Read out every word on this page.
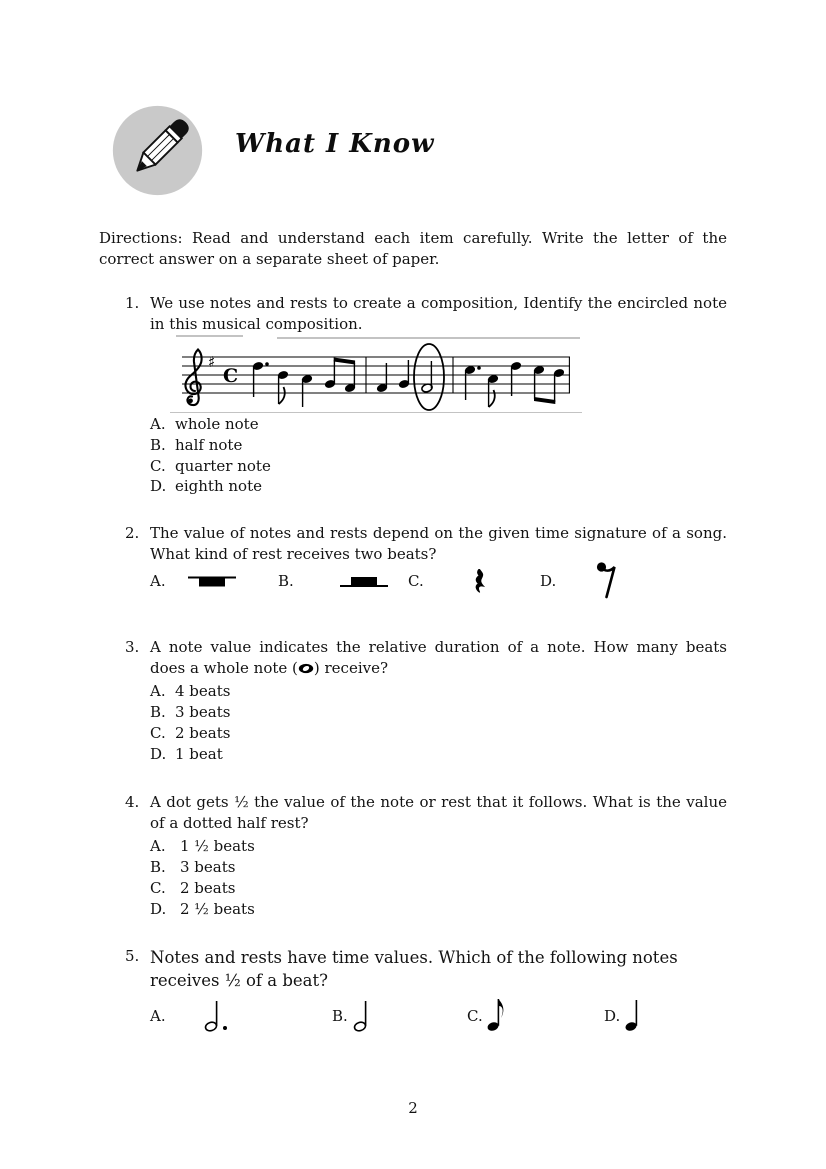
What I Know

Directions: Read and understand each item carefully. Write the letter of the correct answer on a separate sheet of paper.

1. We use notes and rests to create a composition, Identify the encircled note in this musical composition.
♯
C
A. whole note
B. half note
C. quarter note
D. eighth note
2. The value of notes and rests depend on the given time signature of a song. What kind of rest receives two beats?
A.	B.	C.	D.
3. A note value indicates the relative duration of a note. How many beats does a whole note ( ) receive?
A. 4 beats
B. 3 beats
C. 2 beats
D. 1 beat
4. A dot gets ½ the value of the note or rest that it follows. What is the value of a dotted half rest?
A. 1 ½ beats
B. 3 beats
C. 2 beats
D. 2 ½ beats
5. Notes and rests have time values. Which of the following notes receives ½ of a beat?
A.	B.	C.	D.
2
